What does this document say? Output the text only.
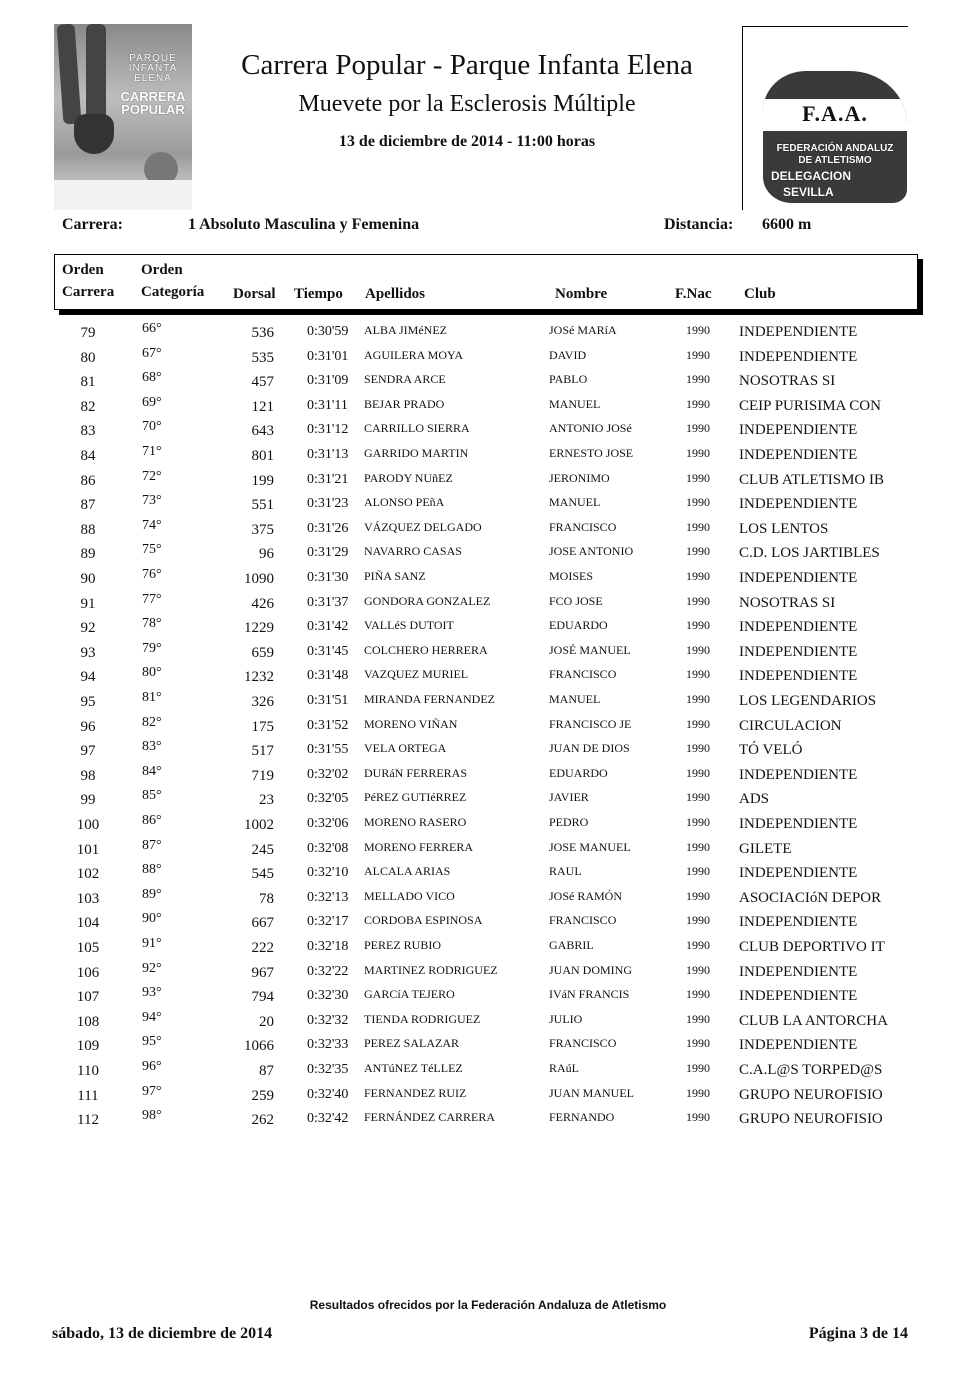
PARQUE INFANTA ELENA
CARRERA POPULAR
Carrera Popular - Parque Infanta Elena
Muevete por la Esclerosis Múltiple
13 de diciembre de 2014 - 11:00 horas
F.A.A.
FEDERACIÓN ANDALUZ
DE ATLETISMO
DELEGACION
SEVILLA
Carrera:	1 Absoluto Masculina y Femenina	Distancia: 6600 m
Orden
Carrera
Orden
Categoría Dorsal Tiempo Apellidos	Nombre	F.Nac Club
79	66°	536 0:30'59 ALBA JIMéNEZ	JOSé MARíA	1990 INDEPENDIENTE
80	67°	535 0:31'01 AGUILERA MOYA	DAVID	1990 INDEPENDIENTE
81	68°	457 0:31'09 SENDRA ARCE	PABLO	1990 NOSOTRAS SI
82	69°	121 0:31'11 BEJAR PRADO	MANUEL	1990 CEIP PURISIMA CON
83	70°	643 0:31'12 CARRILLO SIERRA	ANTONIO JOSé	1990 INDEPENDIENTE
84	71°	801 0:31'13 GARRIDO MARTIN	ERNESTO JOSE	1990 INDEPENDIENTE
86	72°	199 0:31'21 PARODY NUñEZ	JERONIMO	1990 CLUB ATLETISMO IB
87	73°	551 0:31'23 ALONSO PEñA	MANUEL	1990 INDEPENDIENTE
88	74°	375 0:31'26 VÁZQUEZ DELGADO	FRANCISCO	1990 LOS LENTOS
89	75°	96 0:31'29 NAVARRO CASAS	JOSE ANTONIO	1990 C.D. LOS JARTIBLES
90	76°	1090 0:31'30 PIÑA SANZ	MOISES	1990 INDEPENDIENTE
91	77°	426 0:31'37 GONDORA GONZALEZ	FCO JOSE	1990 NOSOTRAS SI
92	78°	1229 0:31'42 VALLéS DUTOIT	EDUARDO	1990 INDEPENDIENTE
93	79°	659 0:31'45 COLCHERO HERRERA	JOSÉ MANUEL	1990 INDEPENDIENTE
94	80°	1232 0:31'48 VAZQUEZ MURIEL	FRANCISCO	1990 INDEPENDIENTE
95	81°	326 0:31'51 MIRANDA FERNANDEZ	MANUEL	1990 LOS LEGENDARIOS
96	82°	175 0:31'52 MORENO VIÑAN	FRANCISCO JE	1990 CIRCULACION
97	83°	517 0:31'55 VELA ORTEGA	JUAN DE DIOS	1990 TÓ VELÓ
98	84°	719 0:32'02 DURáN FERRERAS	EDUARDO	1990 INDEPENDIENTE
99	85°	23 0:32'05 PéREZ GUTIéRREZ	JAVIER	1990 ADS
100	86°	1002 0:32'06 MORENO RASERO	PEDRO	1990 INDEPENDIENTE
101	87°	245 0:32'08 MORENO FERRERA	JOSE MANUEL	1990 GILETE
102	88°	545 0:32'10 ALCALA ARIAS	RAUL	1990 INDEPENDIENTE
103	89°	78 0:32'13 MELLADO VICO	JOSé RAMÓN	1990 ASOCIACIóN DEPOR
104	90°	667 0:32'17 CORDOBA ESPINOSA	FRANCISCO	1990 INDEPENDIENTE
105	91°	222 0:32'18 PEREZ RUBIO	GABRIL	1990 CLUB DEPORTIVO IT
106	92°	967 0:32'22 MARTINEZ RODRIGUEZ	JUAN DOMING	1990 INDEPENDIENTE
107	93°	794 0:32'30 GARCíA TEJERO	IVáN FRANCIS	1990 INDEPENDIENTE
108	94°	20 0:32'32 TIENDA RODRIGUEZ	JULIO	1990 CLUB LA ANTORCHA
109	95°	1066 0:32'33 PEREZ SALAZAR	FRANCISCO	1990 INDEPENDIENTE
110	96°	87 0:32'35 ANTúNEZ TéLLEZ	RAúL	1990 C.A.L@S TORPED@S
111	97°	259 0:32'40 FERNANDEZ RUIZ	JUAN MANUEL	1990 GRUPO NEUROFISIO
112	98°	262 0:32'42 FERNÁNDEZ CARRERA	FERNANDO	1990 GRUPO NEUROFISIO
Resultados ofrecidos por la Federación Andaluza de Atletismo
sábado, 13 de diciembre de 2014	Página 3 de 14
